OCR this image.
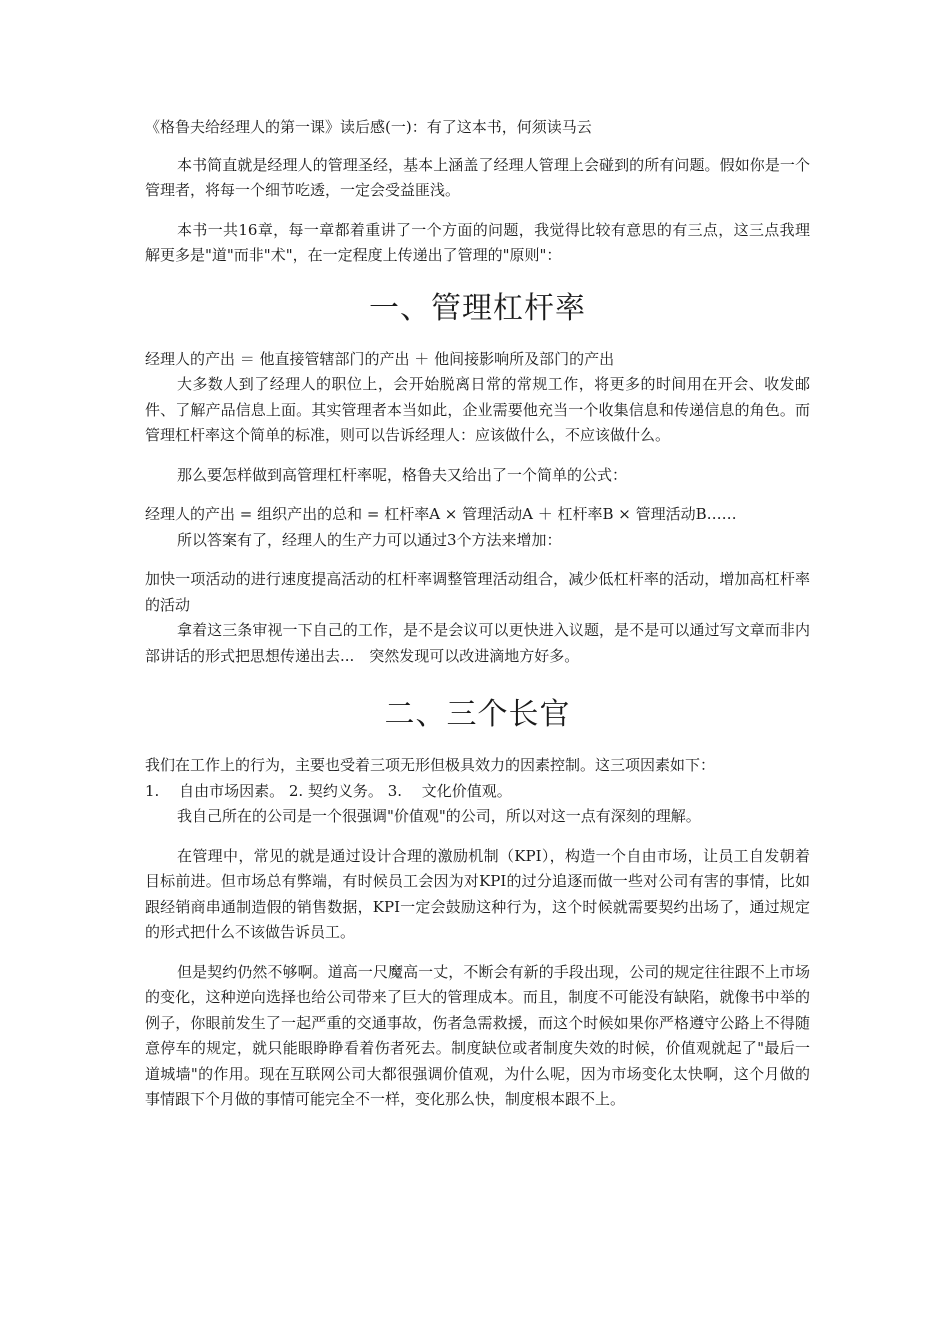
《格鲁夫给经理人的第一课》读后感(一)：有了这本书，何须读马云

本书简直就是经理人的管理圣经，基本上涵盖了经理人管理上会碰到的所有问题。假如你是一个管理者，将每一个细节吃透，一定会受益匪浅。

本书一共16章，每一章都着重讲了一个方面的问题，我觉得比较有意思的有三点，这三点我理解更多是"道"而非"术"，在一定程度上传递出了管理的"原则"：

一、管理杠杆率

经理人的产出 ＝ 他直接管辖部门的产出 ＋ 他间接影响所及部门的产出

大多数人到了经理人的职位上，会开始脱离日常的常规工作，将更多的时间用在开会、收发邮件、了解产品信息上面。其实管理者本当如此，企业需要他充当一个收集信息和传递信息的角色。而管理杠杆率这个简单的标准，则可以告诉经理人：应该做什么，不应该做什么。

那么要怎样做到高管理杠杆率呢，格鲁夫又给出了一个简单的公式：

经理人的产出 = 组织产出的总和 = 杠杆率A × 管理活动A ＋ 杠杆率B × 管理活动B……

所以答案有了，经理人的生产力可以通过3个方法来增加：

加快一项活动的进行速度提高活动的杠杆率调整管理活动组合，减少低杠杆率的活动，增加高杠杆率的活动

拿着这三条审视一下自己的工作，是不是会议可以更快进入议题，是不是可以通过写文章而非内部讲话的形式把思想传递出去...　突然发现可以改进滴地方好多。

二、三个长官

我们在工作上的行为，主要也受着三项无形但极具效力的因素控制。这三项因素如下：

1.　 自由市场因素。 2. 契约义务。 3.　 文化价值观。

我自己所在的公司是一个很强调"价值观"的公司，所以对这一点有深刻的理解。

在管理中，常见的就是通过设计合理的激励机制（KPI），构造一个自由市场，让员工自发朝着目标前进。但市场总有弊端，有时候员工会因为对KPI的过分追逐而做一些对公司有害的事情，比如跟经销商串通制造假的销售数据，KPI一定会鼓励这种行为，这个时候就需要契约出场了，通过规定的形式把什么不该做告诉员工。

但是契约仍然不够啊。道高一尺魔高一丈，不断会有新的手段出现，公司的规定往往跟不上市场的变化，这种逆向选择也给公司带来了巨大的管理成本。而且，制度不可能没有缺陷，就像书中举的例子，你眼前发生了一起严重的交通事故，伤者急需救援，而这个时候如果你严格遵守公路上不得随意停车的规定，就只能眼睁睁看着伤者死去。制度缺位或者制度失效的时候，价值观就起了"最后一道城墙"的作用。现在互联网公司大都很强调价值观，为什么呢，因为市场变化太快啊，这个月做的事情跟下个月做的事情可能完全不一样，变化那么快，制度根本跟不上。
